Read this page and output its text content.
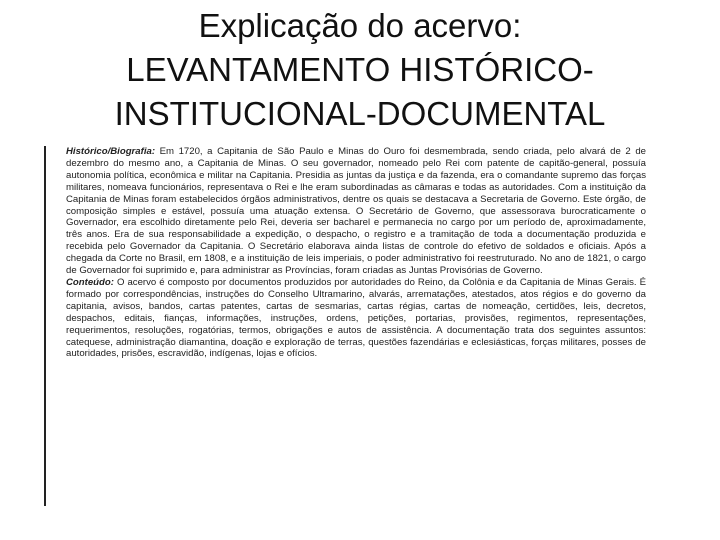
Explicação do acervo:
LEVANTAMENTO HISTÓRICO-
INSTITUCIONAL-DOCUMENTAL

Histórico/Biografia: Em 1720, a Capitania de São Paulo e Minas do Ouro foi desmembrada, sendo criada, pelo alvará de 2 de dezembro do mesmo ano, a Capitania de Minas. O seu governador, nomeado pelo Rei com patente de capitão-general, possuía autonomia política, econômica e militar na Capitania. Presidia as juntas da justiça e da fazenda, era o comandante supremo das forças militares, nomeava funcionários, representava o Rei e lhe eram subordinadas as câmaras e todas as autoridades. Com a instituição da Capitania de Minas foram estabelecidos órgãos administrativos, dentre os quais se destacava a Secretaria de Governo. Este órgão, de composição simples e estável, possuía uma atuação extensa. O Secretário de Governo, que assessorava burocraticamente o Governador, era escolhido diretamente pelo Rei, deveria ser bacharel e permanecia no cargo por um período de, aproximadamente, três anos. Era de sua responsabilidade a expedição, o despacho, o registro e a tramitação de toda a documentação produzida e recebida pelo Governador da Capitania. O Secretário elaborava ainda listas de controle do efetivo de soldados e oficiais. Após a chegada da Corte no Brasil, em 1808, e a instituição de leis imperiais, o poder administrativo foi reestruturado. No ano de 1821, o cargo de Governador foi suprimido e, para administrar as Províncias, foram criadas as Juntas Provisórias de Governo.

Conteúdo: O acervo é composto por documentos produzidos por autoridades do Reino, da Colônia e da Capitania de Minas Gerais. É formado por correspondências, instruções do Conselho Ultramarino, alvarás, arrematações, atestados, atos régios e do governo da capitania, avisos, bandos, cartas patentes, cartas de sesmarias, cartas régias, cartas de nomeação, certidões, leis, decretos, despachos, editais, fianças, informações, instruções, ordens, petições, portarias, provisões, regimentos, representações, requerimentos, resoluções, rogatórias, termos, obrigações e autos de assistência. A documentação trata dos seguintes assuntos: catequese, administração diamantina, doação e exploração de terras, questões fazendárias e eclesiásticas, forças militares, posses de autoridades, prisões, escravidão, indígenas, lojas e ofícios.
